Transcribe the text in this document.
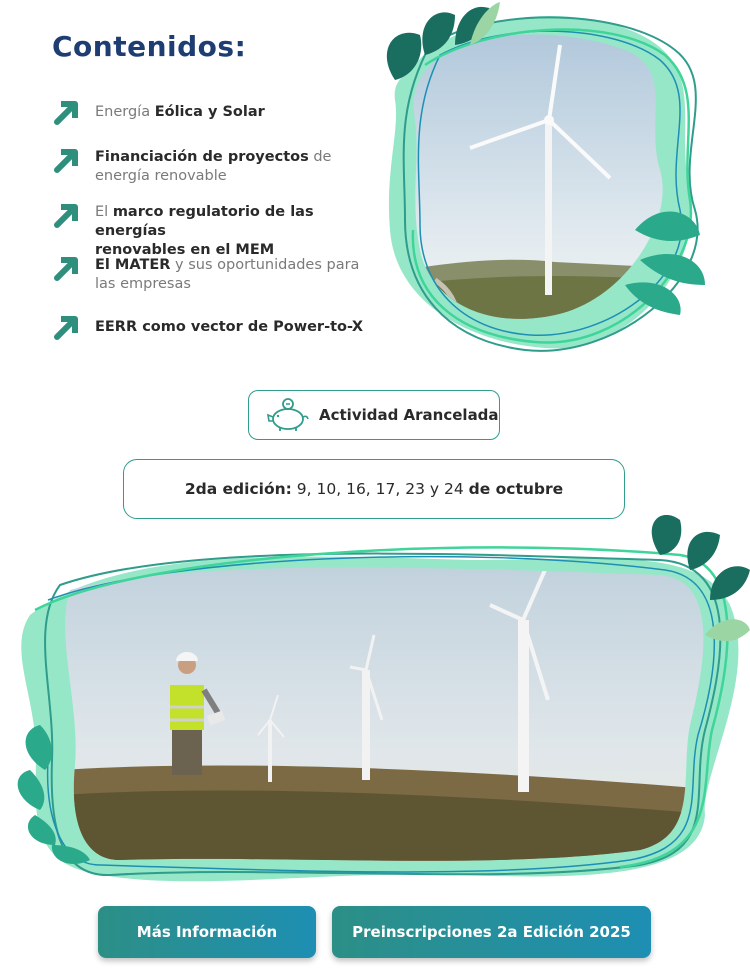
Contenidos:
Energía Eólica y Solar
Financiación de proyectos de
energía renovable
El marco regulatorio de las energías
renovables en el MEM
El MATER y sus oportunidades para
las empresas
EERR como vector de Power-to-X
Actividad Arancelada
2da edición: 9, 10, 16, 17, 23 y 24 de octubre
Más Información	Preinscripciones 2a Edición 2025
